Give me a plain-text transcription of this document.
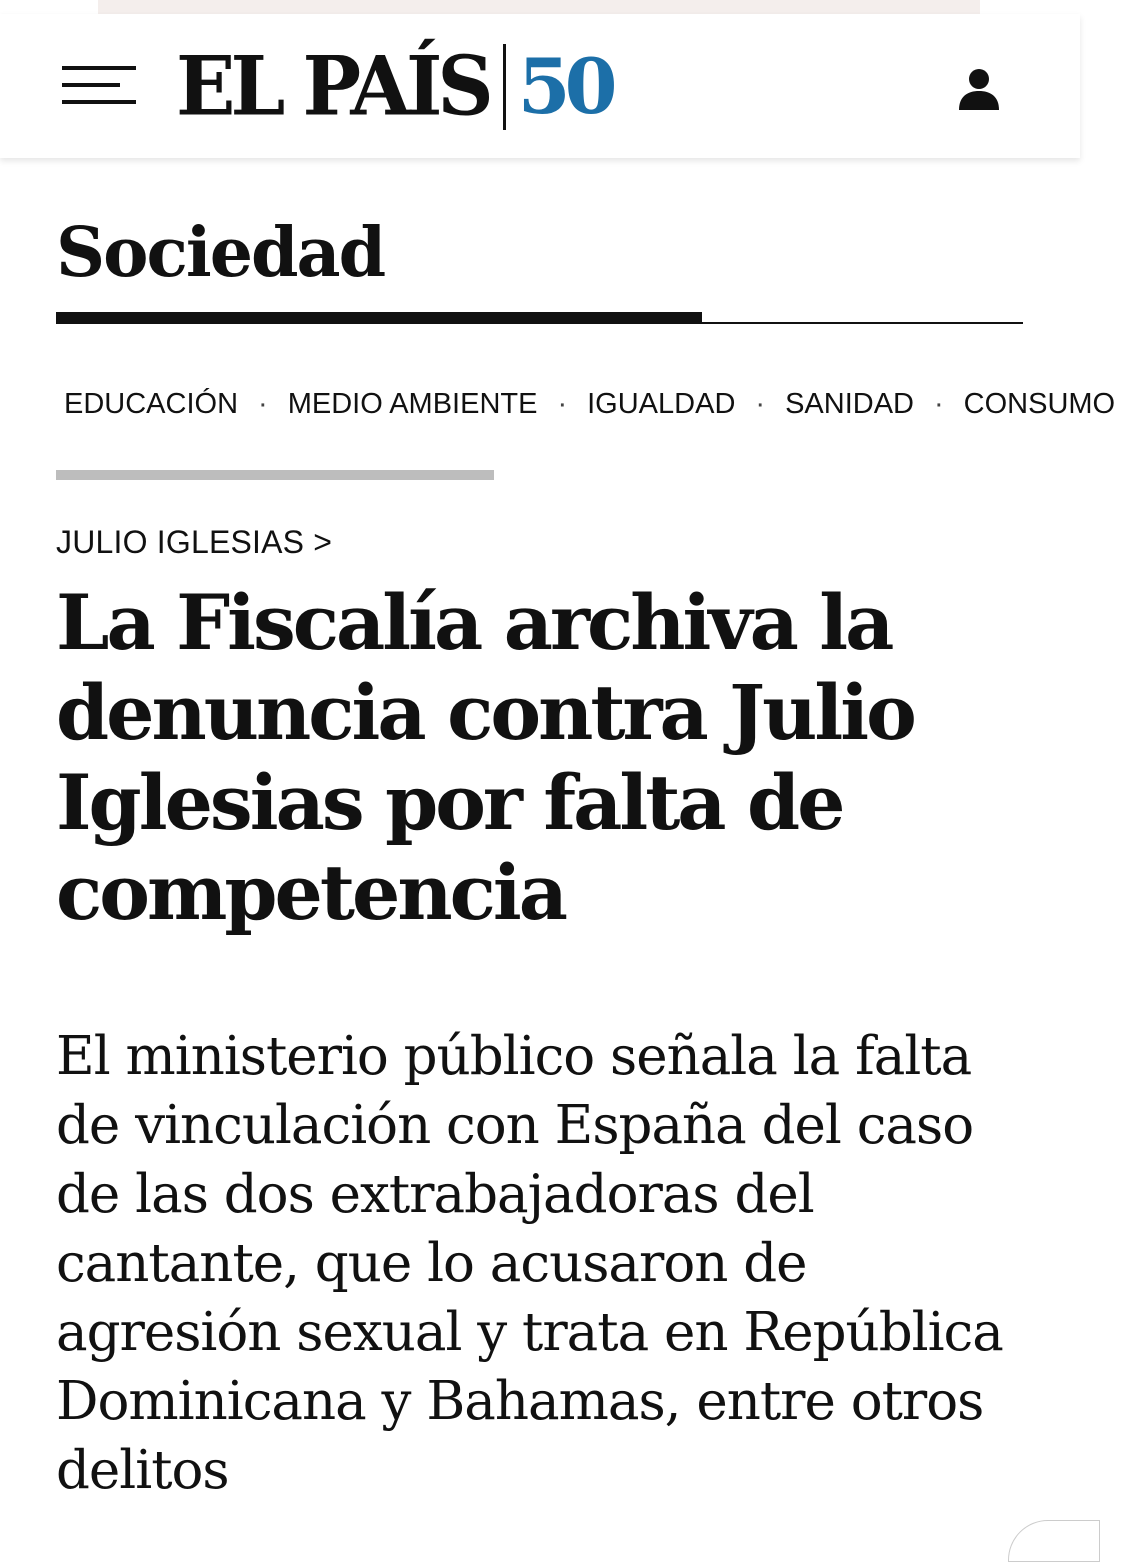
EL PAÍS 50
Sociedad
EDUCACIÓN · MEDIO AMBIENTE · IGUALDAD · SANIDAD · CONSUMO
JULIO IGLESIAS >
La Fiscalía archiva la denuncia contra Julio Iglesias por falta de competencia

El ministerio público señala la falta de vinculación con España del caso de las dos extrabajadoras del cantante, que lo acusaron de agresión sexual y trata en República Dominicana y Bahamas, entre otros delitos
